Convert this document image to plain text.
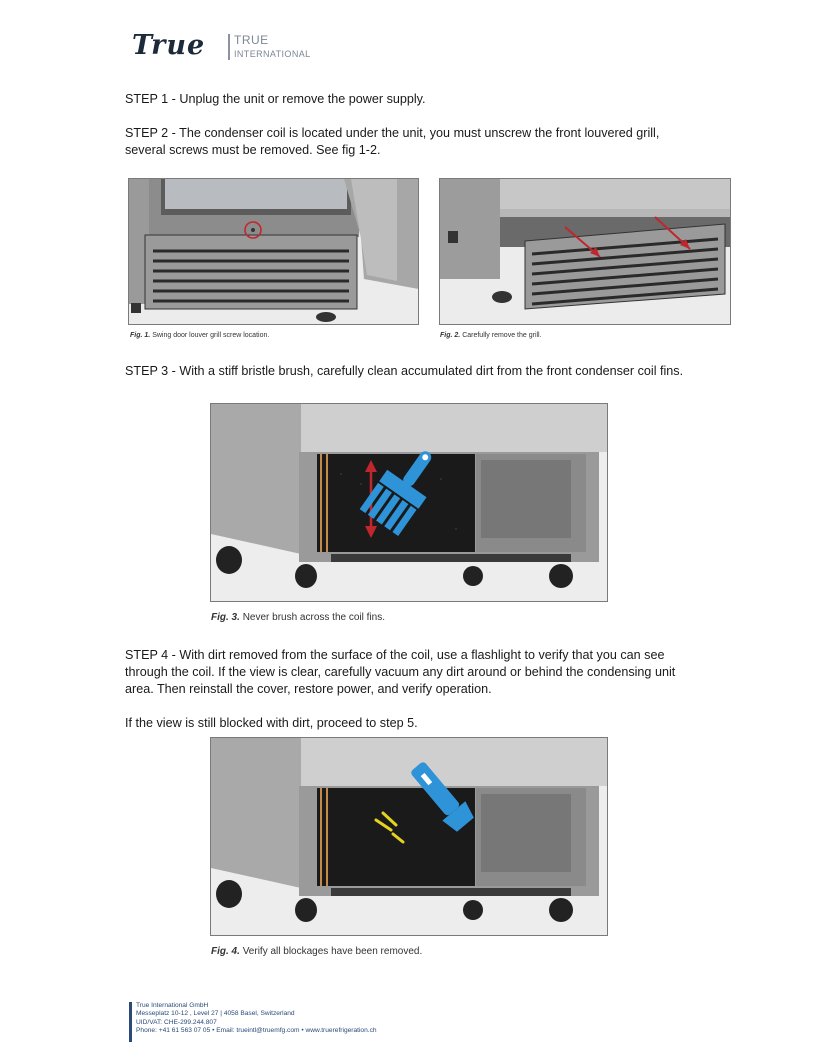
True TRUE
INTERNATIONAL
STEP 1 - Unplug the unit or remove the power supply.
STEP 2 - The condenser coil is located under the unit, you must unscrew the front louvered grill,
several screws must be removed. See fig 1-2.
Fig. 1. Swing door louver grill screw location.	Fig. 2. Carefully remove the grill.
STEP 3 - With a stiff bristle brush, carefully clean accumulated dirt from the front condenser coil fins.
Fig. 3. Never brush across the coil fins.
STEP 4 - With dirt removed from the surface of the coil, use a flashlight to verify that you can see
through the coil. If the view is clear, carefully vacuum any dirt around or behind the condensing unit
area. Then reinstall the cover, restore power, and verify operation.
If the view is still blocked with dirt, proceed to step 5.
Fig. 4. Verify all blockages have been removed.
True International GmbH
Messeplatz 10-12 , Level 27 | 4058 Basel, Switzerland
UID/VAT: CHE-299.244.807
Phone: +41 61 563 07 05 • Email: trueintl@truemfg.com • www.truerefrigeration.ch
